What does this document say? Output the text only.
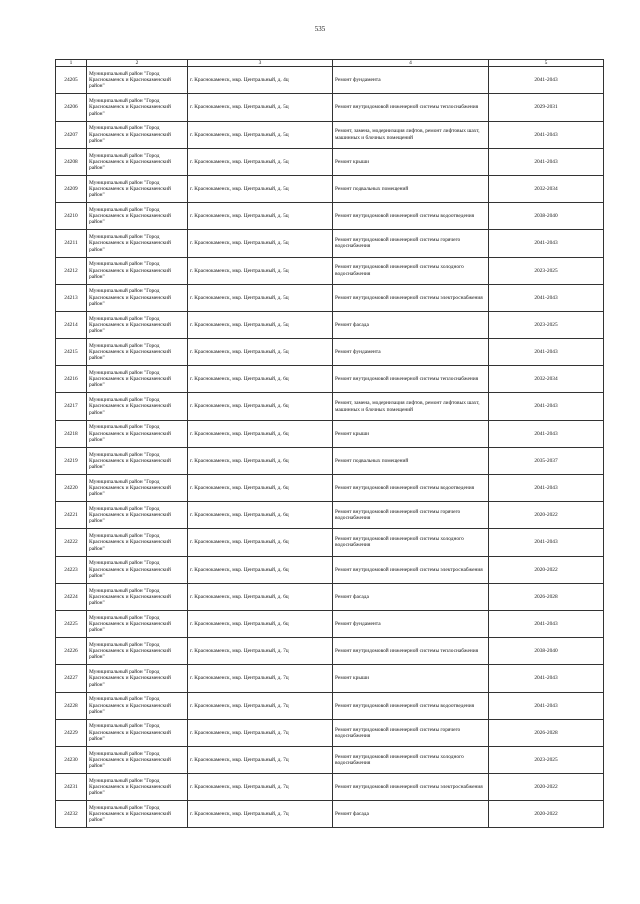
535
1	2	3	4	5
24205	Муниципальный район "Город Краснокаменск и Краснокаменский район"	г. Краснокаменск, мкр. Центральный, д. 4ц	Ремонт фундамента	2041-2043
24206	Муниципальный район "Город Краснокаменск и Краснокаменский район"	г. Краснокаменск, мкр. Центральный, д. 5ц	Ремонт внутридомовой инженерной системы теплоснабжения	2029-2031
24207	Муниципальный район "Город Краснокаменск и Краснокаменский район"	г. Краснокаменск, мкр. Центральный, д. 5ц	Ремонт, замена, модернизация лифтов, ремонт лифтовых шахт, машинных и блочных помещений	2041-2043
24208	Муниципальный район "Город Краснокаменск и Краснокаменский район"	г. Краснокаменск, мкр. Центральный, д. 5ц	Ремонт крыши	2041-2043
24209	Муниципальный район "Город Краснокаменск и Краснокаменский район"	г. Краснокаменск, мкр. Центральный, д. 5ц	Ремонт подвальных помещений	2032-2034
24210	Муниципальный район "Город Краснокаменск и Краснокаменский район"	г. Краснокаменск, мкр. Центральный, д. 5ц	Ремонт внутридомовой инженерной системы водоотведения	2038-2040
24211	Муниципальный район "Город Краснокаменск и Краснокаменский район"	г. Краснокаменск, мкр. Центральный, д. 5ц	Ремонт внутридомовой инженерной системы горячего водоснабжения	2041-2043
24212	Муниципальный район "Город Краснокаменск и Краснокаменский район"	г. Краснокаменск, мкр. Центральный, д. 5ц	Ремонт внутридомовой инженерной системы холодного водоснабжения	2023-2025
24213	Муниципальный район "Город Краснокаменск и Краснокаменский район"	г. Краснокаменск, мкр. Центральный, д. 5ц	Ремонт внутридомовой инженерной системы электроснабжения	2041-2043
24214	Муниципальный район "Город Краснокаменск и Краснокаменский район"	г. Краснокаменск, мкр. Центральный, д. 5ц	Ремонт фасада	2023-2025
24215	Муниципальный район "Город Краснокаменск и Краснокаменский район"	г. Краснокаменск, мкр. Центральный, д. 5ц	Ремонт фундамента	2041-2043
24216	Муниципальный район "Город Краснокаменск и Краснокаменский район"	г. Краснокаменск, мкр. Центральный, д. 6ц	Ремонт внутридомовой инженерной системы теплоснабжения	2032-2034
24217	Муниципальный район "Город Краснокаменск и Краснокаменский район"	г. Краснокаменск, мкр. Центральный, д. 6ц	Ремонт, замена, модернизация лифтов, ремонт лифтовых шахт, машинных и блочных помещений	2041-2043
24218	Муниципальный район "Город Краснокаменск и Краснокаменский район"	г. Краснокаменск, мкр. Центральный, д. 6ц	Ремонт крыши	2041-2043
24219	Муниципальный район "Город Краснокаменск и Краснокаменский район"	г. Краснокаменск, мкр. Центральный, д. 6ц	Ремонт подвальных помещений	2035-2037
24220	Муниципальный район "Город Краснокаменск и Краснокаменский район"	г. Краснокаменск, мкр. Центральный, д. 6ц	Ремонт внутридомовой инженерной системы водоотведения	2041-2043
24221	Муниципальный район "Город Краснокаменск и Краснокаменский район"	г. Краснокаменск, мкр. Центральный, д. 6ц	Ремонт внутридомовой инженерной системы горячего водоснабжения	2020-2022
24222	Муниципальный район "Город Краснокаменск и Краснокаменский район"	г. Краснокаменск, мкр. Центральный, д. 6ц	Ремонт внутридомовой инженерной системы холодного водоснабжения	2041-2043
24223	Муниципальный район "Город Краснокаменск и Краснокаменский район"	г. Краснокаменск, мкр. Центральный, д. 6ц	Ремонт внутридомовой инженерной системы электроснабжения	2020-2022
24224	Муниципальный район "Город Краснокаменск и Краснокаменский район"	г. Краснокаменск, мкр. Центральный, д. 6ц	Ремонт фасада	2026-2028
24225	Муниципальный район "Город Краснокаменск и Краснокаменский район"	г. Краснокаменск, мкр. Центральный, д. 6ц	Ремонт фундамента	2041-2043
24226	Муниципальный район "Город Краснокаменск и Краснокаменский район"	г. Краснокаменск, мкр. Центральный, д. 7ц	Ремонт внутридомовой инженерной системы теплоснабжения	2038-2040
24227	Муниципальный район "Город Краснокаменск и Краснокаменский район"	г. Краснокаменск, мкр. Центральный, д. 7ц	Ремонт крыши	2041-2043
24228	Муниципальный район "Город Краснокаменск и Краснокаменский район"	г. Краснокаменск, мкр. Центральный, д. 7ц	Ремонт внутридомовой инженерной системы водоотведения	2041-2043
24229	Муниципальный район "Город Краснокаменск и Краснокаменский район"	г. Краснокаменск, мкр. Центральный, д. 7ц	Ремонт внутридомовой инженерной системы горячего водоснабжения	2026-2028
24230	Муниципальный район "Город Краснокаменск и Краснокаменский район"	г. Краснокаменск, мкр. Центральный, д. 7ц	Ремонт внутридомовой инженерной системы холодного водоснабжения	2023-2025
24231	Муниципальный район "Город Краснокаменск и Краснокаменский район"	г. Краснокаменск, мкр. Центральный, д. 7ц	Ремонт внутридомовой инженерной системы электроснабжения	2020-2022
24232	Муниципальный район "Город Краснокаменск и Краснокаменский район"	г. Краснокаменск, мкр. Центральный, д. 7ц	Ремонт фасада	2020-2022
